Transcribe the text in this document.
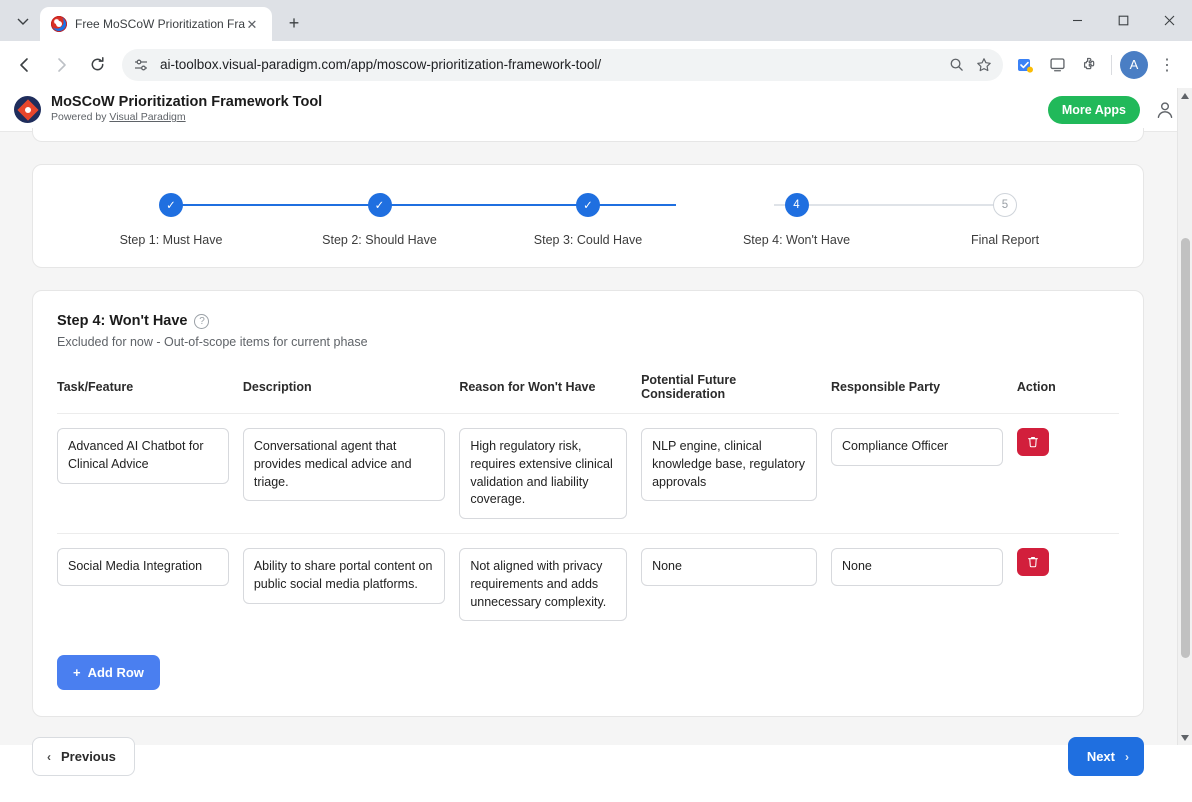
Free MoSCoW Prioritization Fra ✕	+
ai-toolbox.visual-paradigm.com/app/moscow-prioritization-framework-tool/	A	⋮
MoSCoW Prioritization Framework Tool
Powered by Visual Paradigm
More Apps
✓
Step 1: Must Have
✓
Step 2: Should Have
✓
Step 3: Could Have
4
Step 4: Won't Have
5
Final Report
Step 4: Won't Have	?
Excluded for now - Out-of-scope items for current phase
Task/Feature	Description	Reason for Won't Have	Potential Future Consideration	Responsible Party	Action

Advanced AI Chatbot for Clinical Advice	Conversational agent that provides medical advice and triage.	High regulatory risk, requires extensive clinical validation and liability coverage.	NLP engine, clinical knowledge base, regulatory approvals	Compliance Officer

Social Media Integration	Ability to share portal content on public social media platforms.	Not aligned with privacy requirements and adds unnecessary complexity.	None	None

+ Add Row
‹ Previous	Next ›
